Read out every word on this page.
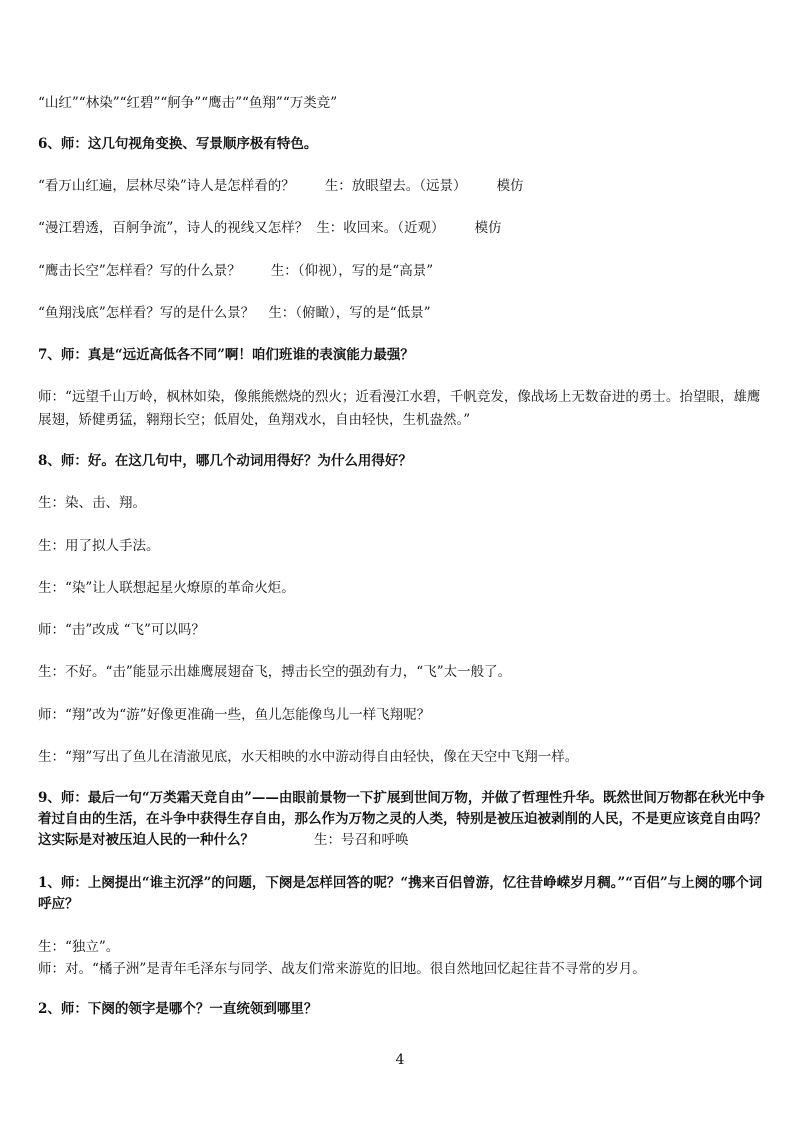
“山红”“林染”“红碧”“舸争”“鹰击”“鱼翔”“万类竞”
6、师：这几句视角变换、写景顺序极有特色。
“看万山红遍，层林尽染”诗人是怎样看的？ 生：放眼望去。（远景） 模仿
“漫江碧透，百舸争流”，诗人的视线又怎样？ 生：收回来。（近观） 模仿
“鹰击长空”怎样看？写的什么景？ 生：（仰视），写的是“高景”
“鱼翔浅底”怎样看？写的是什么景？ 生：（俯瞰），写的是“低景”
7、师：真是“远近高低各不同”啊！咱们班谁的表演能力最强？
师：“远望千山万岭，枫林如染，像熊熊燃烧的烈火；近看漫江水碧，千帆竞发，像战场上无数奋进的勇士。抬望眼，雄鹰展翅，矫健勇猛，翱翔长空；低眉处，鱼翔戏水，自由轻快，生机盎然。”
8、师：好。在这几句中，哪几个动词用得好？为什么用得好？
生：染、击、翔。
生：用了拟人手法。
生：“染”让人联想起星火燎原的革命火炬。
师：“击”改成 “飞”可以吗？
生：不好。“击”能显示出雄鹰展翅奋飞，搏击长空的强劲有力，“飞”太一般了。
师：“翔”改为“游”好像更准确一些，鱼儿怎能像鸟儿一样飞翔呢？
生：“翔”写出了鱼儿在清澈见底，水天相映的水中游动得自由轻快，像在天空中飞翔一样。
9、师：最后一句“万类霜天竞自由”——由眼前景物一下扩展到世间万物，并做了哲理性升华。既然世间万物都在秋光中争着过自由的生活，在斗争中获得生存自由，那么作为万物之灵的人类，特别是被压迫被剥削的人民，不是更应该竞自由吗？这实际是对被压迫人民的一种什么？	生：号召和呼唤
1、师：上阕提出“谁主沉浮”的问题，下阕是怎样回答的呢？“携来百侣曾游，忆往昔峥嵘岁月稠。”“百侣”与上阕的哪个词呼应？
生：“独立”。
师：对。“橘子洲”是青年毛泽东与同学、战友们常来游览的旧地。很自然地回忆起往昔不寻常的岁月。
2、师：下阕的领字是哪个？一直统领到哪里？
4
